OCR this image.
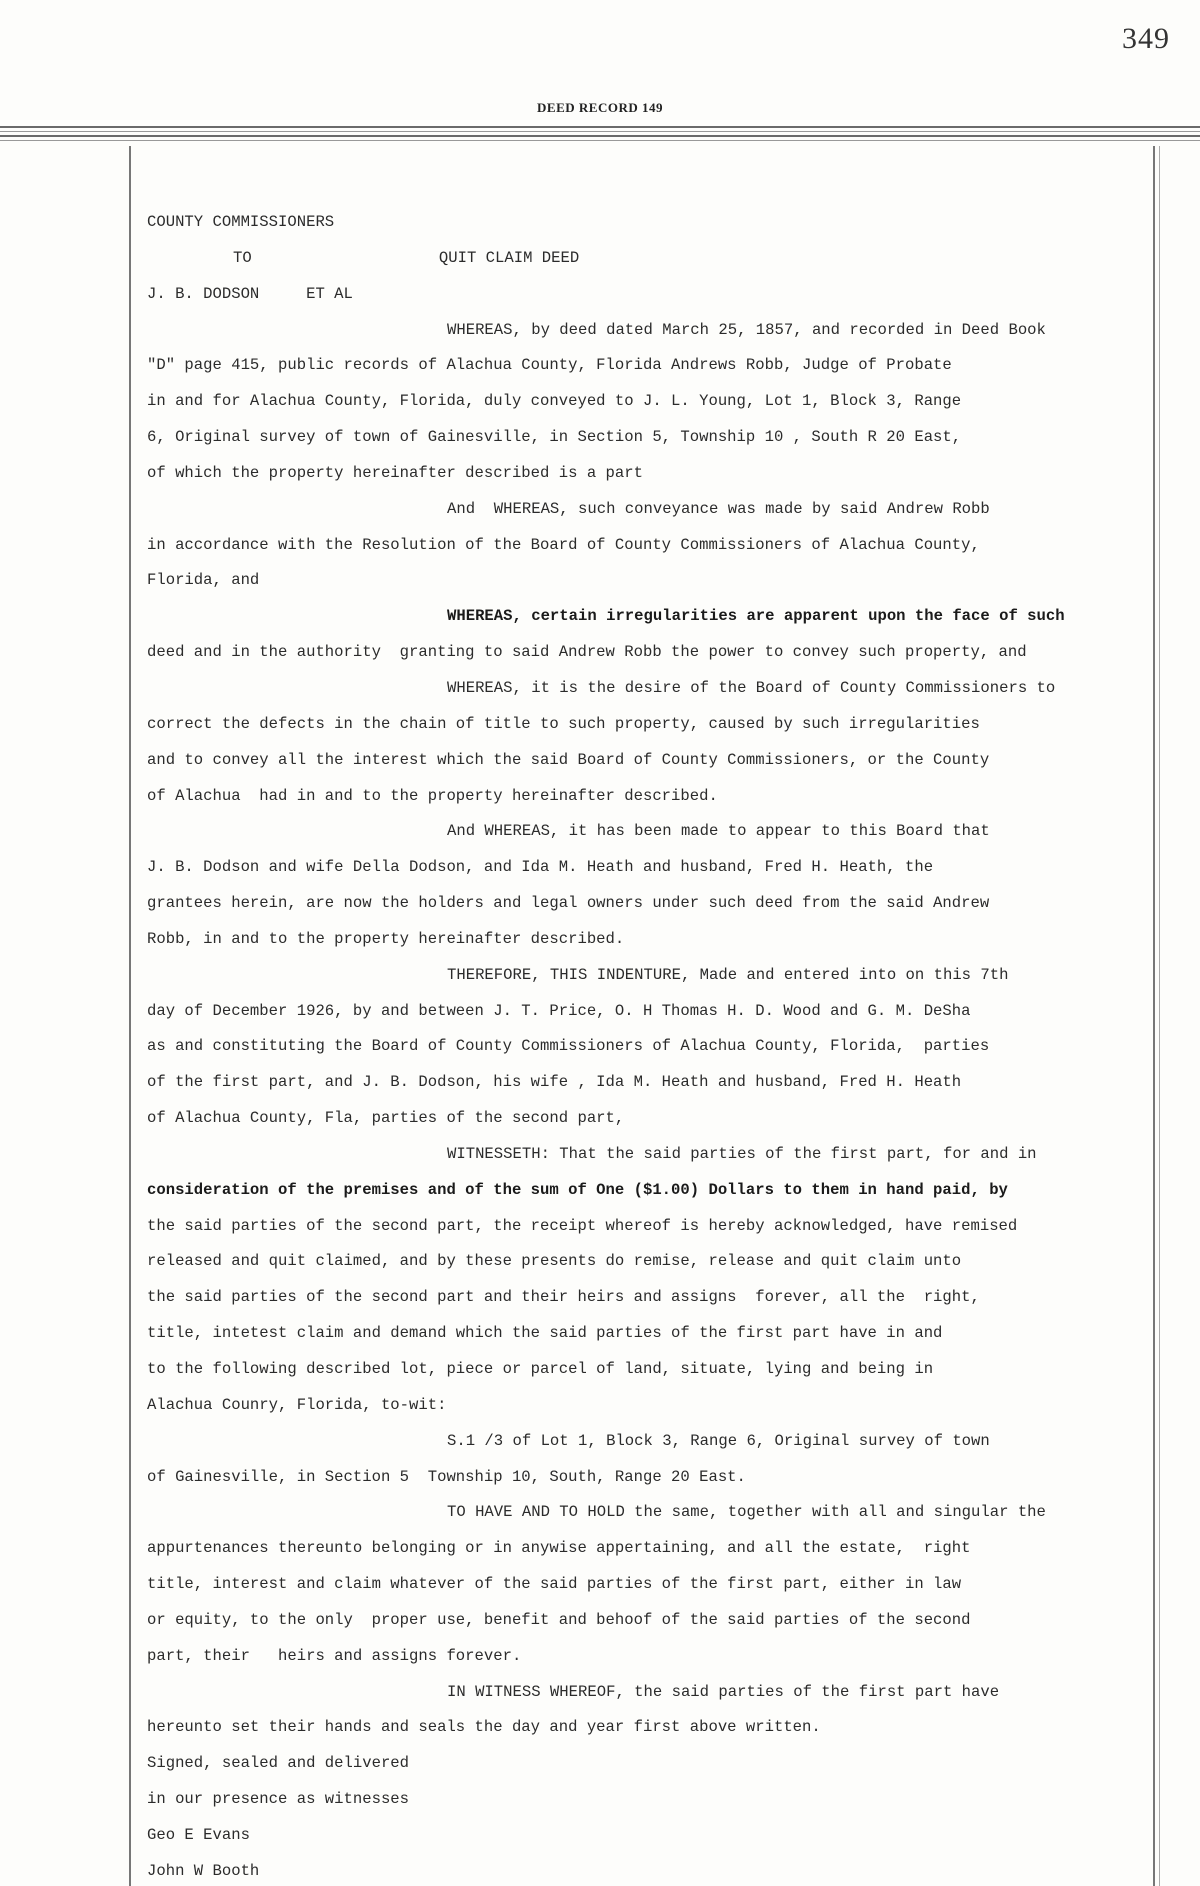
349
DEED RECORD 149
COUNTY COMMISSIONERS
TO                    QUIT CLAIM DEED
J. B. DODSON     ET AL
WHEREAS, by deed dated March 25, 1857, and recorded in Deed Book
"D" page 415, public records of Alachua County, Florida Andrews Robb, Judge of Probate
in and for Alachua County, Florida, duly conveyed to J. L. Young, Lot 1, Block 3, Range
6, Original survey of town of Gainesville, in Section 5, Township 10 , South R 20 East,
of which the property hereinafter described is a part
And  WHEREAS, such conveyance was made by said Andrew Robb
in accordance with the Resolution of the Board of County Commissioners of Alachua County,
Florida, and
WHEREAS, certain irregularities are apparent upon the face of such
deed and in the authority  granting to said Andrew Robb the power to convey such property, and
WHEREAS, it is the desire of the Board of County Commissioners to
correct the defects in the chain of title to such property, caused by such irregularities
and to convey all the interest which the said Board of County Commissioners, or the County
of Alachua  had in and to the property hereinafter described.
And WHEREAS, it has been made to appear to this Board that
J. B. Dodson and wife Della Dodson, and Ida M. Heath and husband, Fred H. Heath, the
grantees herein, are now the holders and legal owners under such deed from the said Andrew
Robb, in and to the property hereinafter described.
THEREFORE, THIS INDENTURE, Made and entered into on this 7th
day of December 1926, by and between J. T. Price, O. H Thomas H. D. Wood and G. M. DeSha
as and constituting the Board of County Commissioners of Alachua County, Florida,  parties
of the first part, and J. B. Dodson, his wife , Ida M. Heath and husband, Fred H. Heath
of Alachua County, Fla, parties of the second part,
WITNESSETH: That the said parties of the first part, for and in
consideration of the premises and of the sum of One ($1.00) Dollars to them in hand paid, by
the said parties of the second part, the receipt whereof is hereby acknowledged, have remised
released and quit claimed, and by these presents do remise, release and quit claim unto
the said parties of the second part and their heirs and assigns  forever, all the  right,
title, intetest claim and demand which the said parties of the first part have in and
to the following described lot, piece or parcel of land, situate, lying and being in
Alachua Counry, Florida, to-wit:
S.1 /3 of Lot 1, Block 3, Range 6, Original survey of town
of Gainesville, in Section 5  Township 10, South, Range 20 East.
TO HAVE AND TO HOLD the same, together with all and singular the
appurtenances thereunto belonging or in anywise appertaining, and all the estate,  right
title, interest and claim whatever of the said parties of the first part, either in law
or equity, to the only  proper use, benefit and behoof of the said parties of the second
part, their   heirs and assigns forever.
IN WITNESS WHEREOF, the said parties of the first part have
hereunto set their hands and seals the day and year first above written.
Signed, sealed and delivered
in our presence as witnesses
Geo E Evans
John W Booth
